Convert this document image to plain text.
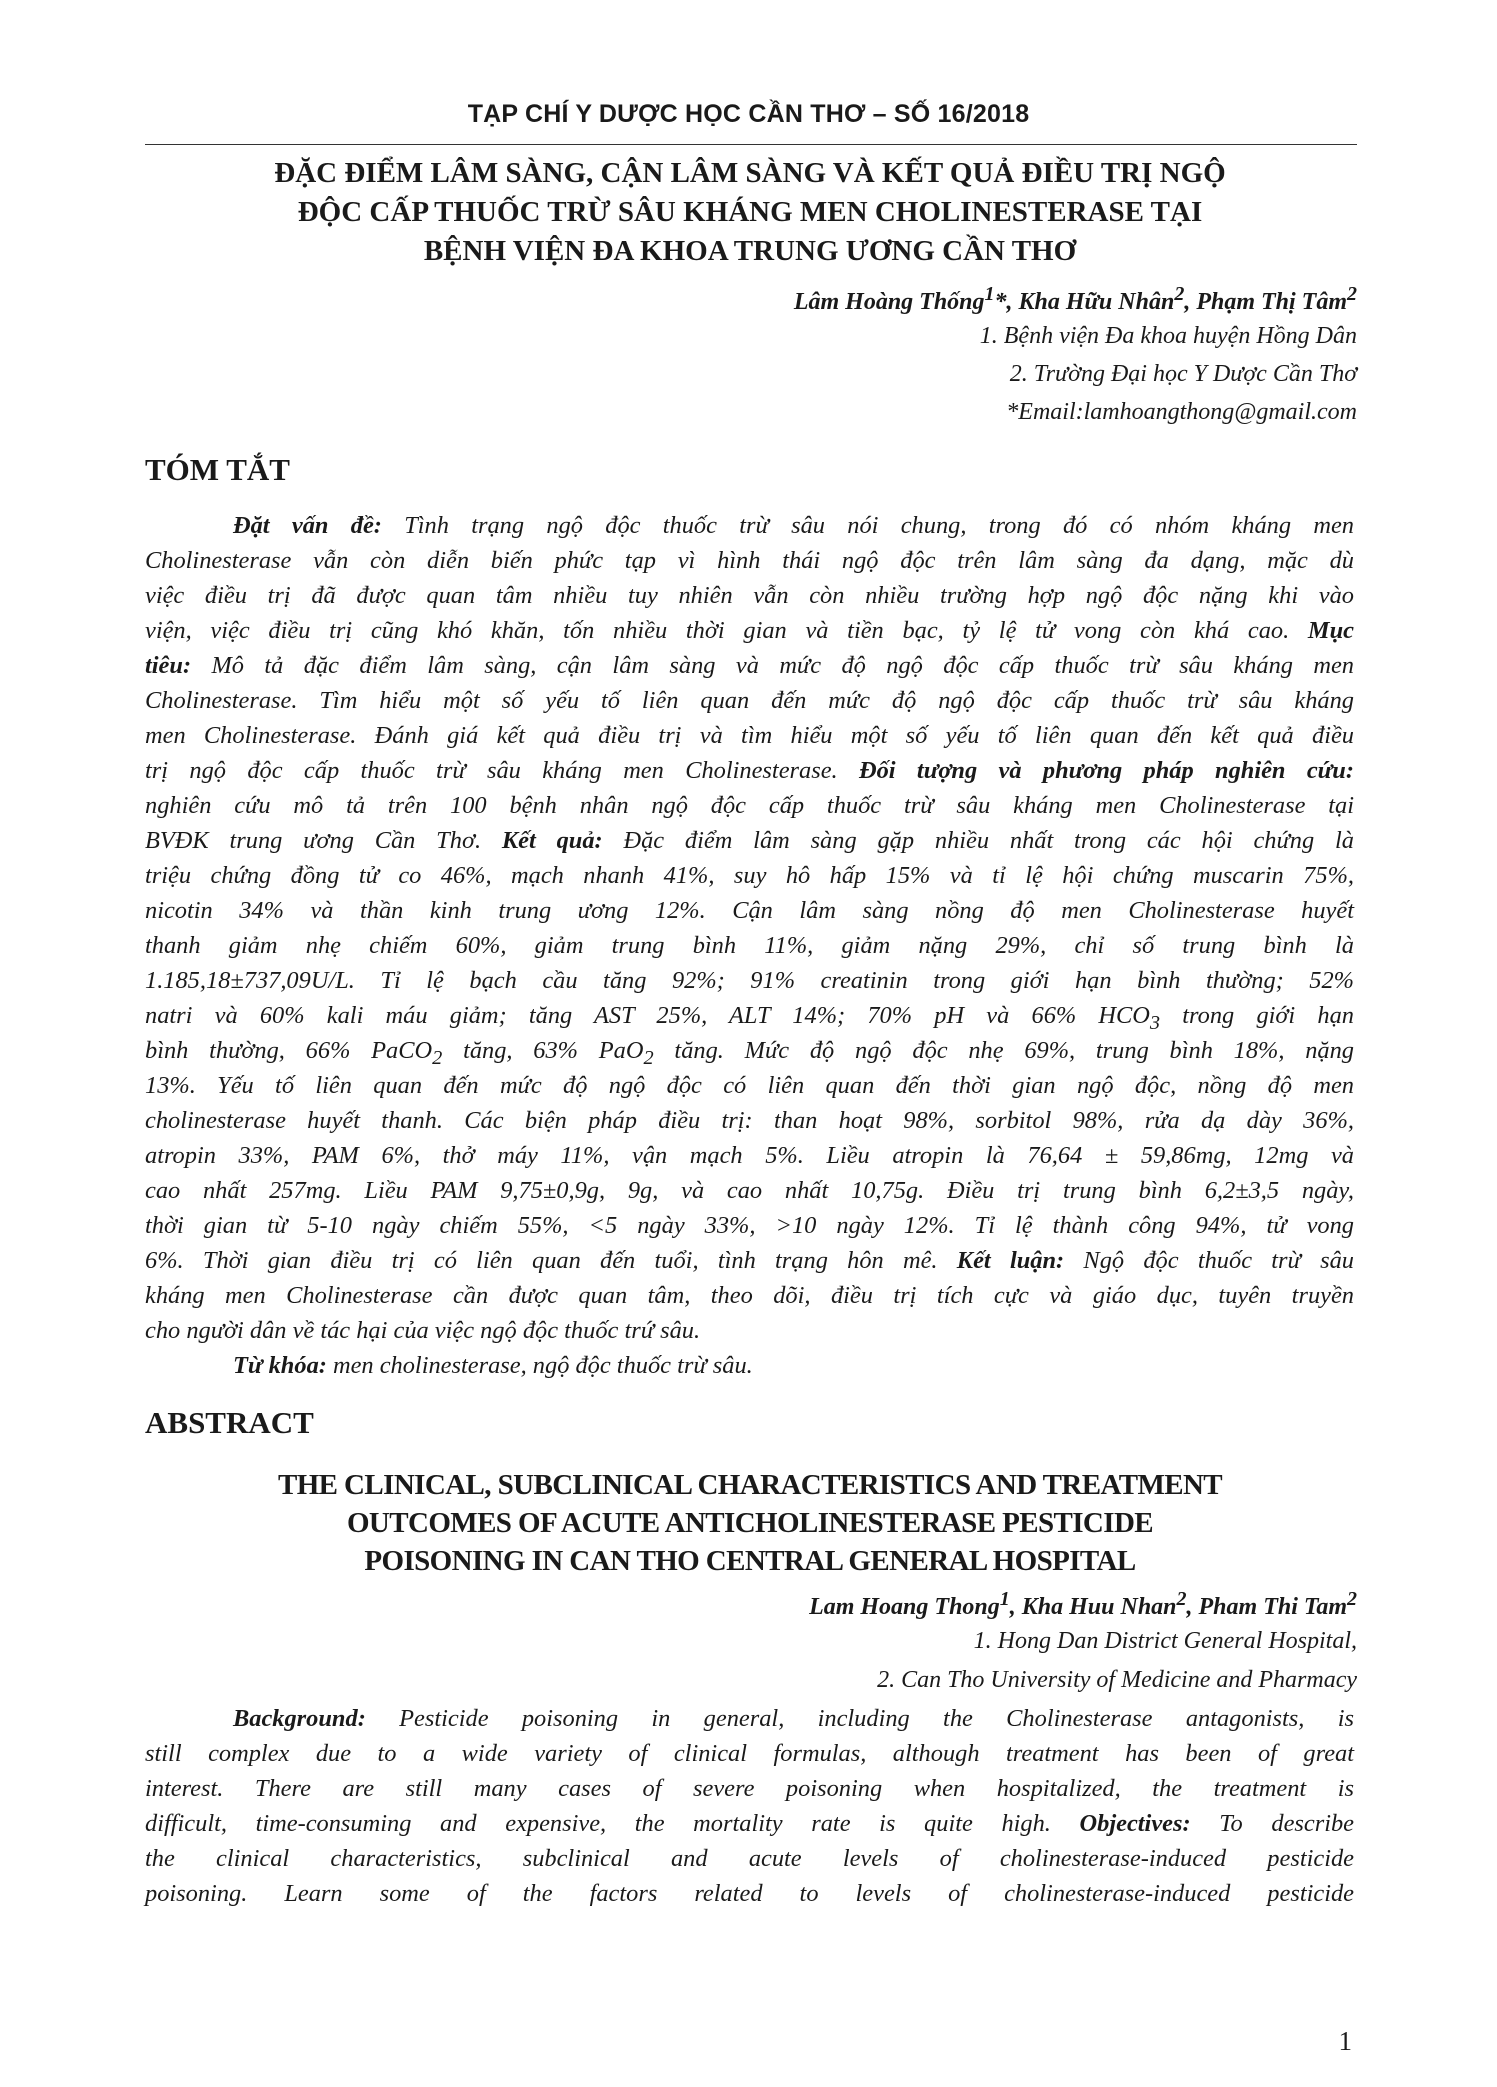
TẠP CHÍ Y DƯỢC HỌC CẦN THƠ – SỐ 16/2018
ĐẶC ĐIỂM LÂM SÀNG, CẬN LÂM SÀNG VÀ KẾT QUẢ ĐIỀU TRỊ NGỘ
ĐỘC CẤP THUỐC TRỪ SÂU KHÁNG MEN CHOLINESTERASE TẠI
BỆNH VIỆN ĐA KHOA TRUNG ƯƠNG CẦN THƠ
Lâm Hoàng Thống$^1$*, Kha Hữu Nhân$^2$, Phạm Thị Tâm$^2$
1. Bệnh viện Đa khoa huyện Hồng Dân
2. Trường Đại học Y Dược Cần Thơ
*Email:lamhoangthong@gmail.com
TÓM TẮT
Đặt vấn đề: Tình trạng ngộ độc thuốc trừ sâu nói chung, trong đó có nhóm kháng men
Cholinesterase vẫn còn diễn biến phức tạp vì hình thái ngộ độc trên lâm sàng đa dạng, mặc dù
việc điều trị đã được quan tâm nhiều tuy nhiên vẫn còn nhiều trường hợp ngộ độc nặng khi vào
viện, việc điều trị cũng khó khăn, tốn nhiều thời gian và tiền bạc, tỷ lệ tử vong còn khá cao. Mục
tiêu: Mô tả đặc điểm lâm sàng, cận lâm sàng và mức độ ngộ độc cấp thuốc trừ sâu kháng men
Cholinesterase. Tìm hiểu một số yếu tố liên quan đến mức độ ngộ độc cấp thuốc trừ sâu kháng
men Cholinesterase. Đánh giá kết quả điều trị và tìm hiểu một số yếu tố liên quan đến kết quả điều
trị ngộ độc cấp thuốc trừ sâu kháng men Cholinesterase. Đối tượng và phương pháp nghiên cứu:
nghiên cứu mô tả trên 100 bệnh nhân ngộ độc cấp thuốc trừ sâu kháng men Cholinesterase tại
BVĐK trung ương Cần Thơ. Kết quả: Đặc điểm lâm sàng gặp nhiều nhất trong các hội chứng là
triệu chứng đồng tử co 46%, mạch nhanh 41%, suy hô hấp 15% và tỉ lệ hội chứng muscarin 75%,
nicotin 34% và thần kinh trung ương 12%. Cận lâm sàng nồng độ men Cholinesterase huyết
thanh giảm nhẹ chiếm 60%, giảm trung bình 11%, giảm nặng 29%, chỉ số trung bình là
1.185,18±737,09U/L. Tỉ lệ bạch cầu tăng 92%; 91% creatinin trong giới hạn bình thường; 52%
natri và 60% kali máu giảm; tăng AST 25%, ALT 14%; 70% pH và 66% $HCO_3$ trong giới hạn
bình thường, 66% PaCO$_2$ tăng, 63% PaO$_2$ tăng. Mức độ ngộ độc nhẹ 69%, trung bình 18%, nặng
13%. Yếu tố liên quan đến mức độ ngộ độc có liên quan đến thời gian ngộ độc, nồng độ men
cholinesterase huyết thanh. Các biện pháp điều trị: than hoạt 98%, sorbitol 98%, rửa dạ dày 36%,
atropin 33%, PAM 6%, thở máy 11%, vận mạch 5%. Liều atropin là 76,64 ± 59,86mg, 12mg và
cao nhất 257mg. Liều PAM 9,75±0,9g, 9g, và cao nhất 10,75g. Điều trị trung bình 6,2±3,5 ngày,
thời gian từ 5-10 ngày chiếm 55%, <5 ngày 33%, >10 ngày 12%. Tỉ lệ thành công 94%, tử vong
6%. Thời gian điều trị có liên quan đến tuổi, tình trạng hôn mê. Kết luận: Ngộ độc thuốc trừ sâu
kháng men Cholinesterase cần được quan tâm, theo dõi, điều trị tích cực và giáo dục, tuyên truyền
cho người dân về tác hại của việc ngộ độc thuốc trứ sâu.
Từ khóa: men cholinesterase, ngộ độc thuốc trừ sâu.
ABSTRACT
THE CLINICAL, SUBCLINICAL CHARACTERISTICS AND TREATMENT
OUTCOMES OF ACUTE ANTICHOLINESTERASE PESTICIDE
POISONING IN CAN THO CENTRAL GENERAL HOSPITAL
Lam Hoang Thong$^1$, Kha Huu Nhan$^2$, Pham Thi Tam$^2$
1. Hong Dan District General Hospital,
2. Can Tho University of Medicine and Pharmacy
Background: Pesticide poisoning in general, including the Cholinesterase antagonists, is
still complex due to a wide variety of clinical formulas, although treatment has been of great
interest. There are still many cases of severe poisoning when hospitalized, the treatment is
difficult, time-consuming and expensive, the mortality rate is quite high. Objectives: To describe
the clinical characteristics, subclinical and acute levels of cholinesterase-induced pesticide
poisoning. Learn some of the factors related to levels of cholinesterase-induced pesticide
1
